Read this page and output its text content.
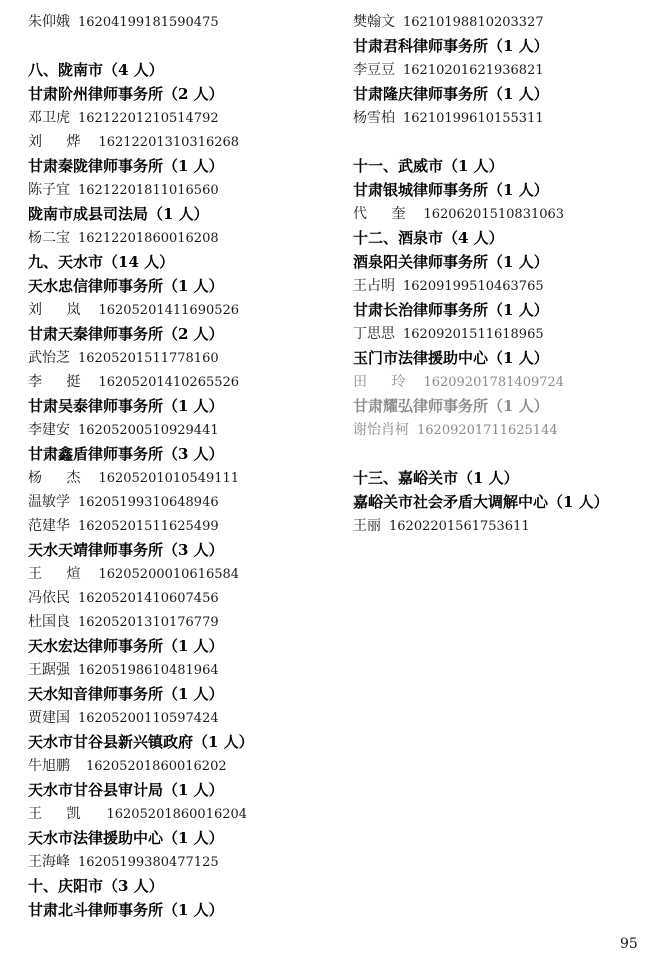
朱仰娥 16204199181590475
八、陇南市（4 人）
甘肃阶州律师事务所（2 人）
邓卫虎 16212201210514792
刘 烨 16212201310316268
甘肃秦陇律师事务所（1 人）
陈子宜 16212201811016560
陇南市成县司法局（1 人）
杨二宝 16212201860016208
九、天水市（14 人）
天水忠信律师事务所（1 人）
刘 岚 16205201411690526
甘肃天秦律师事务所（2 人）
武怡芝 16205201511778160
李 挺 16205201410265526
甘肃吴泰律师事务所（1 人）
李建安 16205200510929441
甘肃鑫盾律师事务所（3 人）
杨 杰 16205201010549111
温敏学 16205199310648946
范建华 16205201511625499
天水天靖律师事务所（3 人）
王 煊 16205200010616584
冯依民 16205201410607456
杜国良 16205201310176779
天水宏达律师事务所（1 人）
王踞强 16205198610481964
天水知音律师事务所（1 人）
贾建国 16205200110597424
天水市甘谷县新兴镇政府（1 人）
牛旭鹏 16205201860016202
天水市甘谷县审计局（1 人）
王 凯 16205201860016204
天水市法律援助中心（1 人）
王海峰 16205199380477125
十、庆阳市（3 人）
甘肃北斗律师事务所（1 人）
樊翰文 16210198810203327
甘肃君科律师事务所（1 人）
李豆豆 16210201621936821
甘肃隆庆律师事务所（1 人）
杨雪柏 16210199610155311
十一、武威市（1 人）
甘肃银城律师事务所（1 人）
代 奎 16206201510831063
十二、酒泉市（4 人）
酒泉阳关律师事务所（1 人）
王占明 16209199510463765
甘肃长治律师事务所（1 人）
丁思思 16209201511618965
玉门市法律援助中心（1 人）
田 玲 16209201781409724
甘肃耀弘律师事务所（1 人）
谢怡肖柯 16209201711625144
十三、嘉峪关市（1 人）
嘉峪关市社会矛盾大调解中心（1 人）
王丽 16202201561753611
95
